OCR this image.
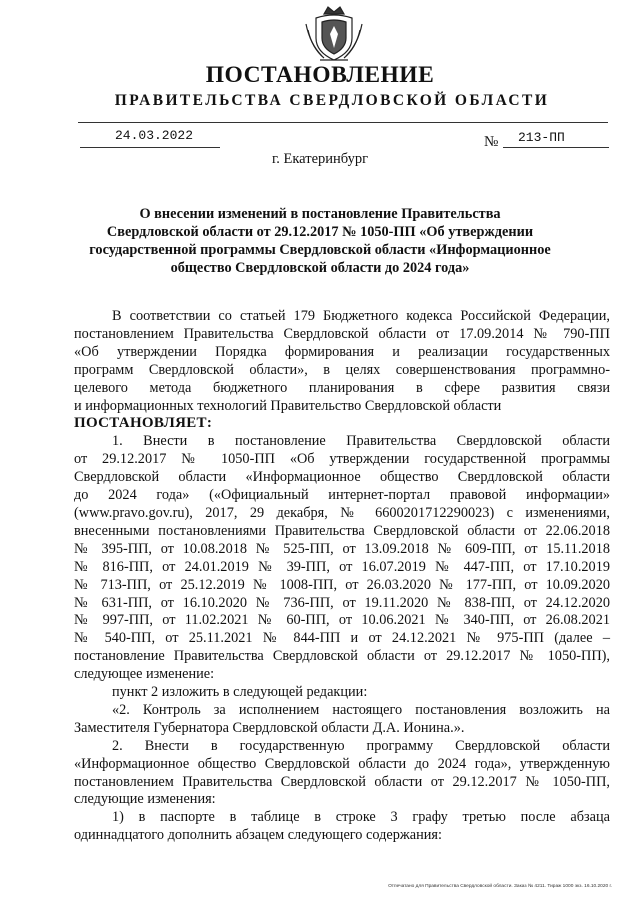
ПОСТАНОВЛЕНИЕ
ПРАВИТЕЛЬСТВА СВЕРДЛОВСКОЙ ОБЛАСТИ
24.03.2022	№ 213-ПП
г. Екатеринбург
О внесении изменений в постановление Правительства
Свердловской области от 29.12.2017 № 1050-ПП «Об утверждении
государственной программы Свердловской области «Информационное
общество Свердловской области до 2024 года»

В соответствии со статьей 179 Бюджетного кодекса Российской Федерации,

постановлением Правительства Свердловской области от 17.09.2014 № 790-ПП

«Об утверждении Порядка формирования и реализации государственных

программ Свердловской области», в целях совершенствования программно-

целевого метода бюджетного планирования в сфере развития связи

и информационных технологий Правительство Свердловской области

ПОСТАНОВЛЯЕТ:

1. Внести в постановление Правительства Свердловской области

от 29.12.2017 № 1050-ПП «Об утверждении государственной программы

Свердловской области «Информационное общество Свердловской области

до 2024 года» («Официальный интернет-портал правовой информации»

(www.pravo.gov.ru), 2017, 29 декабря, № 6600201712290023) с изменениями,

внесенными постановлениями Правительства Свердловской области от 22.06.2018

№ 395-ПП, от 10.08.2018 № 525-ПП, от 13.09.2018 № 609-ПП, от 15.11.2018

№ 816-ПП, от 24.01.2019 № 39-ПП, от 16.07.2019 № 447-ПП, от 17.10.2019

№ 713-ПП, от 25.12.2019 № 1008-ПП, от 26.03.2020 № 177-ПП, от 10.09.2020

№ 631-ПП, от 16.10.2020 № 736-ПП, от 19.11.2020 № 838-ПП, от 24.12.2020

№ 997-ПП, от 11.02.2021 № 60-ПП, от 10.06.2021 № 340-ПП, от 26.08.2021

№ 540-ПП, от 25.11.2021 № 844-ПП и от 24.12.2021 № 975-ПП (далее –

постановление Правительства Свердловской области от 29.12.2017 № 1050-ПП),

следующее изменение:

пункт 2 изложить в следующей редакции:

«2. Контроль за исполнением настоящего постановления возложить на

Заместителя Губернатора Свердловской области Д.А. Ионина.».

2. Внести в государственную программу Свердловской области

«Информационное общество Свердловской области до 2024 года», утвержденную

постановлением Правительства Свердловской области от 29.12.2017 № 1050-ПП,

следующие изменения:

1) в паспорте в таблице в строке 3 графу третью после абзаца

одиннадцатого дополнить абзацем следующего содержания:

Отпечатано для Правительства Свердловской области. Заказ № 4211. Тираж 1000 экз. 16.10.2020 г.
